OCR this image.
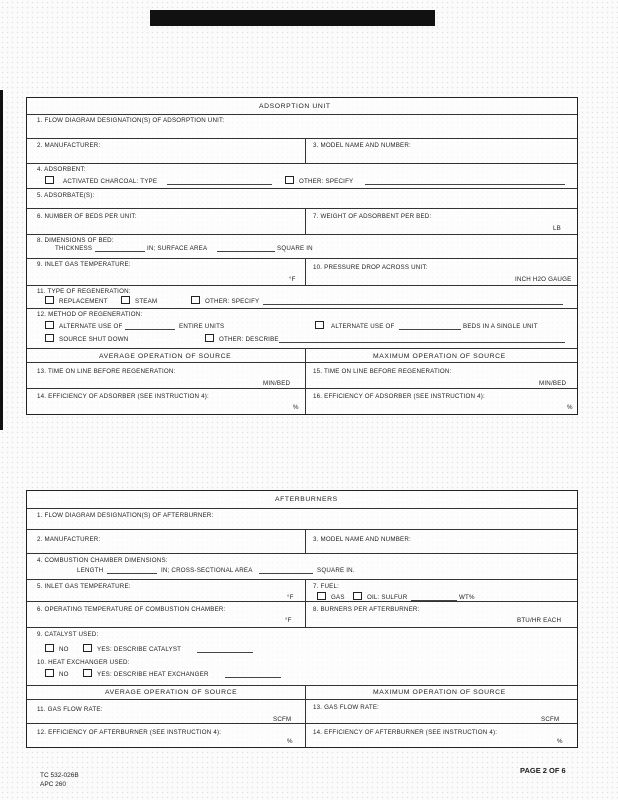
ADSORPTION UNIT
1. FLOW DIAGRAM DESIGNATION(S) OF ADSORPTION UNIT:
2. MANUFACTURER:	3. MODEL NAME AND NUMBER:
4. ADSORBENT:
ACTIVATED CHARCOAL: TYPE	OTHER: SPECIFY
5. ADSORBATE(S):
6. NUMBER OF BEDS PER UNIT:	7. WEIGHT OF ADSORBENT PER BED:
LB
8. DIMENSIONS OF BED:
THICKNESS	IN; SURFACE AREA	SQUARE IN
9. INLET GAS TEMPERATURE:
°F
10. PRESSURE DROP ACROSS UNIT:
INCH H2O GAUGE
11. TYPE OF REGENERATION:
REPLACEMENT	STEAM	OTHER: SPECIFY
12. METHOD OF REGENERATION:
ALTERNATE USE OF	ENTIRE UNITS	ALTERNATE USE OF	BEDS IN A SINGLE UNIT
SOURCE SHUT DOWN	OTHER: DESCRIBE
AVERAGE OPERATION OF SOURCE	MAXIMUM OPERATION OF SOURCE
13. TIME ON LINE BEFORE REGENERATION:
MIN/BED
15. TIME ON LINE BEFORE REGENERATION:
MIN/BED
14. EFFICIENCY OF ADSORBER (SEE INSTRUCTION 4):
%
16. EFFICIENCY OF ADSORBER (SEE INSTRUCTION 4):
%
AFTERBURNERS
1. FLOW DIAGRAM DESIGNATION(S) OF AFTERBURNER:
2. MANUFACTURER:	3. MODEL NAME AND NUMBER:
4. COMBUSTION CHAMBER DIMENSIONS:
LENGTH	IN; CROSS-SECTIONAL AREA	SQUARE IN.
5. INLET GAS TEMPERATURE:
°F
7. FUEL:
GAS	OIL: SULFUR	WT%
6. OPERATING TEMPERATURE OF COMBUSTION CHAMBER:
°F
8. BURNERS PER AFTERBURNER:
BTU/HR EACH
9. CATALYST USED:
NO	YES: DESCRIBE CATALYST
10. HEAT EXCHANGER USED:
NO	YES: DESCRIBE HEAT EXCHANGER
AVERAGE OPERATION OF SOURCE	MAXIMUM OPERATION OF SOURCE
11. GAS FLOW RATE:
SCFM
13. GAS FLOW RATE:
SCFM
12. EFFICIENCY OF AFTERBURNER (SEE INSTRUCTION 4):
%
14. EFFICIENCY OF AFTERBURNER (SEE INSTRUCTION 4):
%
TC 532-026B
APC 260
PAGE 2 OF 6
